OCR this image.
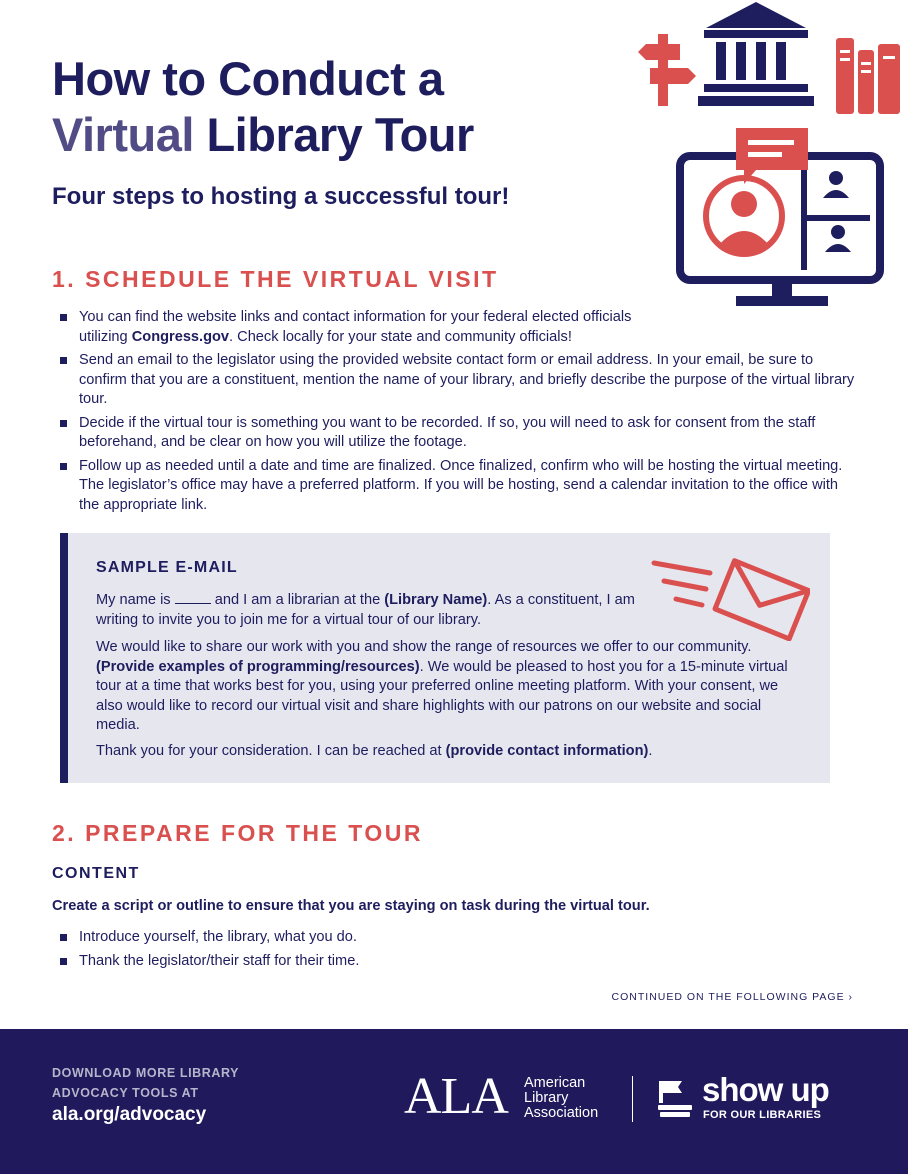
How to Conduct a
Virtual Library Tour
Four steps to hosting a successful tour!
1. SCHEDULE THE VIRTUAL VISIT
You can find the website links and contact information for your federal elected officials utilizing Congress.gov. Check locally for your state and community officials!
Send an email to the legislator using the provided website contact form or email address. In your email, be sure to confirm that you are a constituent, mention the name of your library, and briefly describe the purpose of the virtual library tour.
Decide if the virtual tour is something you want to be recorded. If so, you will need to ask for consent from the staff beforehand, and be clear on how you will utilize the footage.
Follow up as needed until a date and time are finalized. Once finalized, confirm who will be hosting the virtual meeting. The legislator’s office may have a preferred platform. If you will be hosting, send a calendar invitation to the office with the appropriate link.
SAMPLE E-MAIL
My name is  and I am a librarian at the (Library Name). As a constituent, I am writing to invite you to join me for a virtual tour of our library.
We would like to share our work with you and show the range of resources we offer to our community. (Provide examples of programming/resources). We would be pleased to host you for a 15-minute virtual tour at a time that works best for you, using your preferred online meeting platform. With your consent, we also would like to record our virtual visit and share highlights with our patrons on our website and social media.
Thank you for your consideration. I can be reached at (provide contact information).
2. PREPARE FOR THE TOUR
CONTENT
Create a script or outline to ensure that you are staying on task during the virtual tour.
Introduce yourself, the library, what you do.
Thank the legislator/their staff for their time.
CONTINUED ON THE FOLLOWING PAGE ›
DOWNLOAD MORE LIBRARY
ADVOCACY TOOLS AT
ala.org/advocacy	ALA American
Library
Association
show up
FOR OUR LIBRARIES
